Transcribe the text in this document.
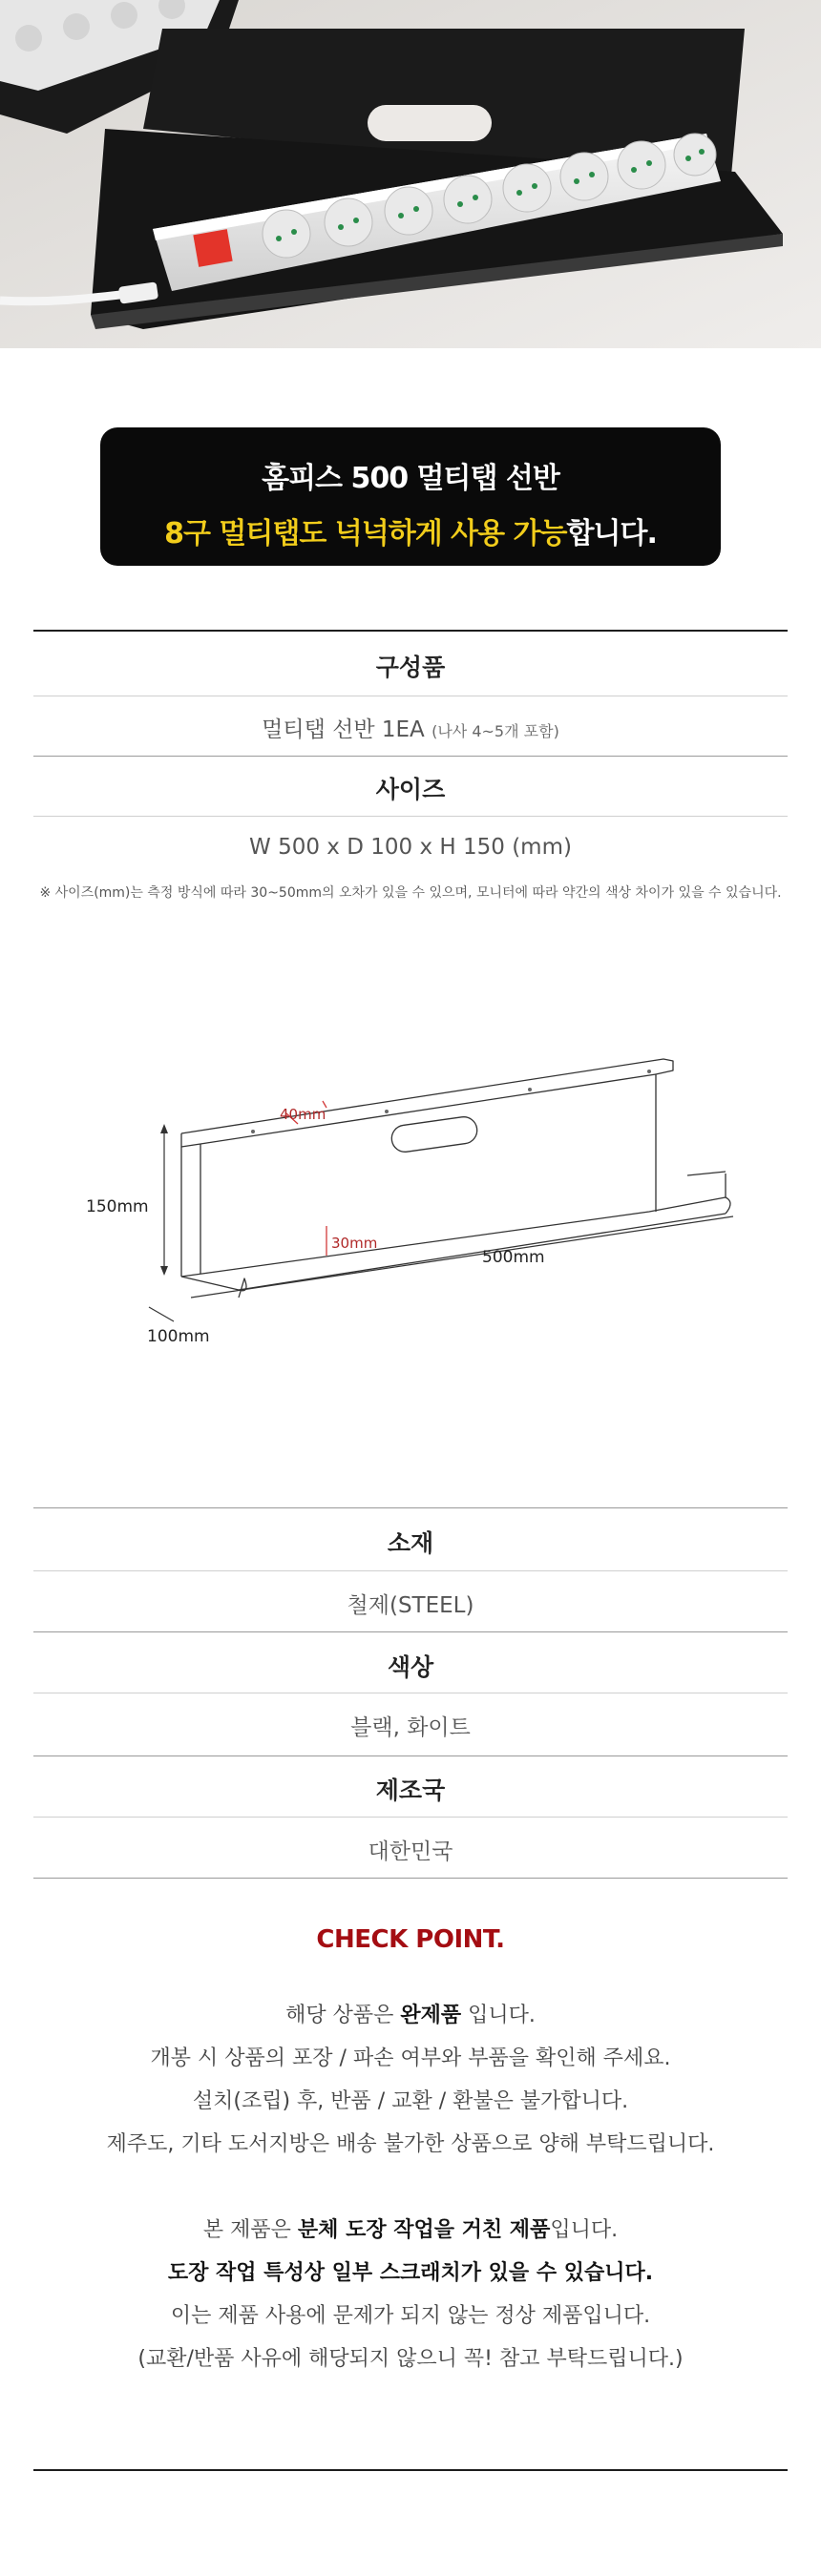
홈피스 500 멀티탭 선반
8구 멀티탭도 넉넉하게 사용 가능합니다.
구성품
멀티탭 선반 1EA (나사 4~5개 포함)
사이즈
W 500 x D 100 x H 150 (mm)
※ 사이즈(mm)는 측정 방식에 따라 30~50mm의 오차가 있을 수 있으며, 모니터에 따라 약간의 색상 차이가 있을 수 있습니다.
40mm
30mm
500mm
150mm
100mm
소재
철제(STEEL)
색상
블랙, 화이트
제조국
대한민국
CHECK POINT.
해당 상품은 완제품 입니다.
개봉 시 상품의 포장 / 파손 여부와 부품을 확인해 주세요.
설치(조립) 후, 반품 / 교환 / 환불은 불가합니다.
제주도, 기타 도서지방은 배송 불가한 상품으로 양해 부탁드립니다.
본 제품은 분체 도장 작업을 거친 제품입니다.
도장 작업 특성상 일부 스크래치가 있을 수 있습니다.
이는 제품 사용에 문제가 되지 않는 정상 제품입니다.
(교환/반품 사유에 해당되지 않으니 꼭! 참고 부탁드립니다.)
